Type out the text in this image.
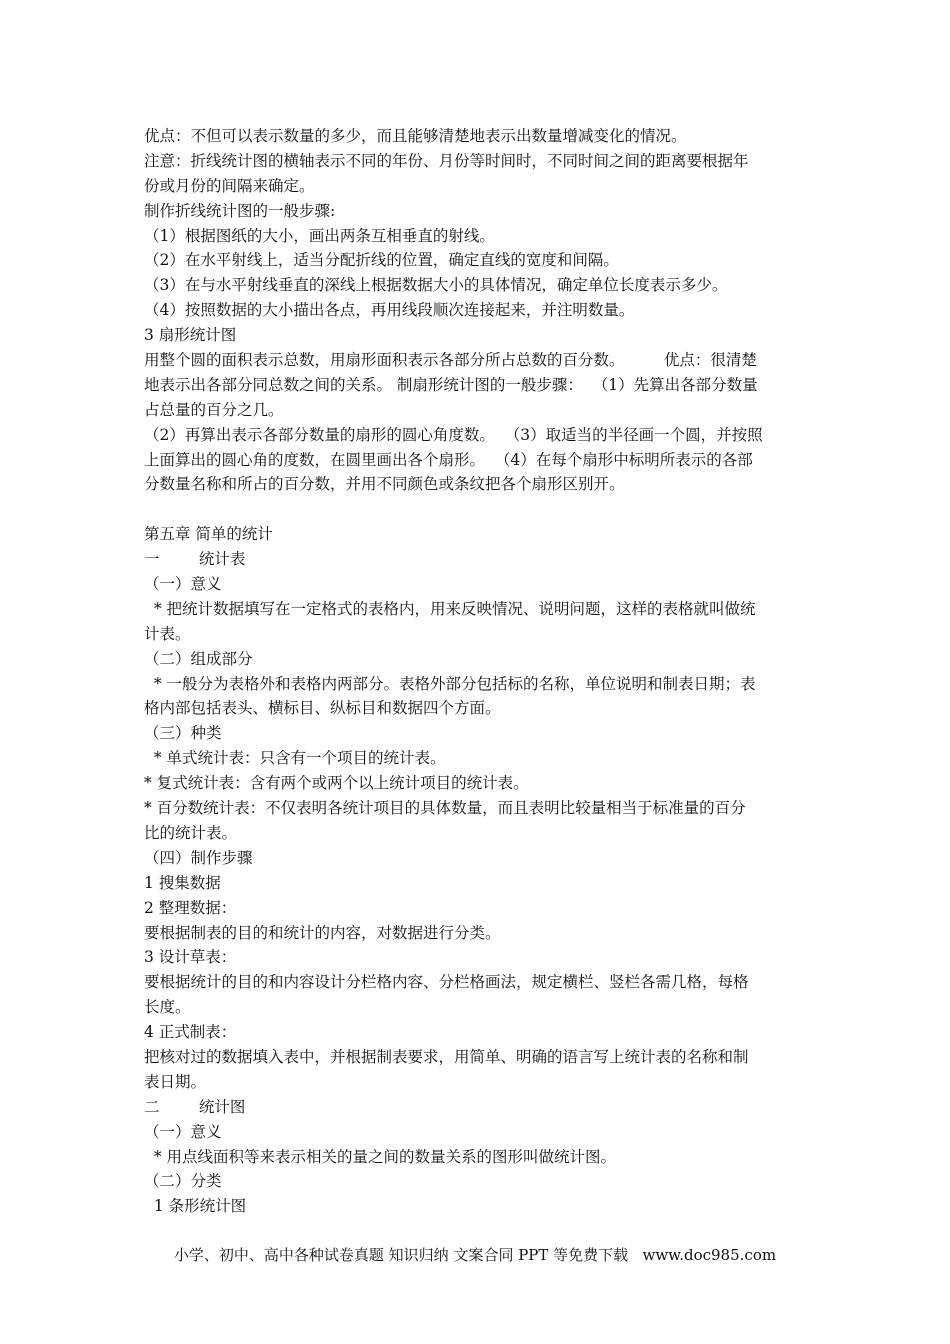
优点：不但可以表示数量的多少，而且能够清楚地表示出数量增减变化的情况。
注意：折线统计图的横轴表示不同的年份、月份等时间时，不同时间之间的距离要根据年
份或月份的间隔来确定。
制作折线统计图的一般步骤:
（1）根据图纸的大小，画出两条互相垂直的射线。
（2）在水平射线上，适当分配折线的位置，确定直线的宽度和间隔。
（3）在与水平射线垂直的深线上根据数据大小的具体情况，确定单位长度表示多少。
（4）按照数据的大小描出各点，再用线段顺次连接起来，并注明数量。
3 扇形统计图
用整个圆的面积表示总数，用扇形面积表示各部分所占总数的百分数。        优点：很清楚
地表示出各部分同总数之间的关系。 制扇形统计图的一般步骤：  （1）先算出各部分数量
占总量的百分之几。
（2）再算出表示各部分数量的扇形的圆心角度数。  （3）取适当的半径画一个圆，并按照
上面算出的圆心角的度数，在圆里画出各个扇形。  （4）在每个扇形中标明所表示的各部
分数量名称和所占的百分数，并用不同颜色或条纹把各个扇形区别开。
第五章 简单的统计
一        统计表
（一）意义
* 把统计数据填写在一定格式的表格内，用来反映情况、说明问题，这样的表格就叫做统
计表。
（二）组成部分
* 一般分为表格外和表格内两部分。表格外部分包括标的名称，单位说明和制表日期；表
格内部包括表头、横标目、纵标目和数据四个方面。
（三）种类
* 单式统计表：只含有一个项目的统计表。
* 复式统计表：含有两个或两个以上统计项目的统计表。
* 百分数统计表：不仅表明各统计项目的具体数量，而且表明比较量相当于标准量的百分
比的统计表。
（四）制作步骤
1 搜集数据
2 整理数据：
要根据制表的目的和统计的内容，对数据进行分类。
3 设计草表：
要根据统计的目的和内容设计分栏格内容、分栏格画法，规定横栏、竖栏各需几格，每格
长度。
4 正式制表：
把核对过的数据填入表中，并根据制表要求，用简单、明确的语言写上统计表的名称和制
表日期。
二        统计图
（一）意义
* 用点线面积等来表示相关的量之间的数量关系的图形叫做统计图。
（二）分类
1 条形统计图
小学、初中、高中各种试卷真题 知识归纳 文案合同 PPT 等免费下载   www.doc985.com
